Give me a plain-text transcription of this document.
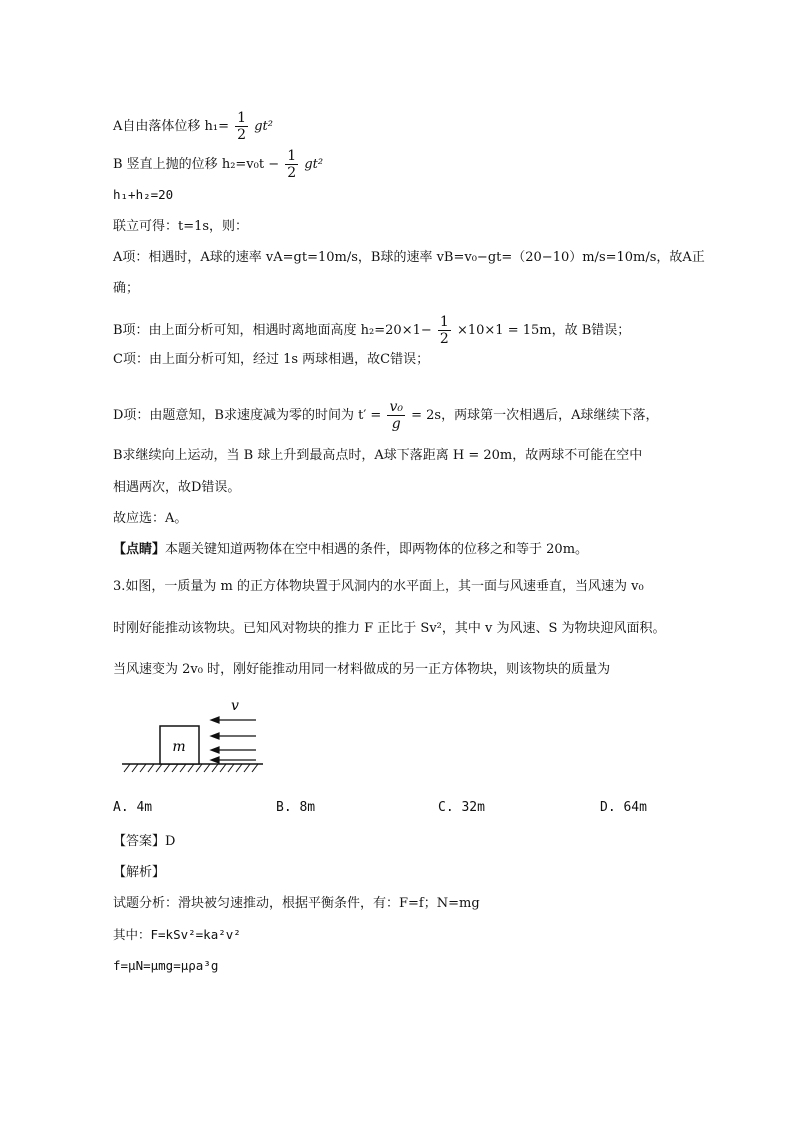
A自由落体位移 $h_1= \frac{1}{2} gt^2$
B 竖直上抛的位移 $h_2=v_0t - \frac{1}{2} gt^2$
h₁+h₂=20
联立可得：t=1s，则：
A项：相遇时，A球的速率 vA=gt=10m/s，B球的速率 vB=v₀−gt=（20−10）m/s=10m/s，故A正
确；
B项：由上面分析可知，相遇时离地面高度 $h_2=20\times 1- \frac{1}{2} \times 10\times 1 = 15m$，故 B错误；
C项：由上面分析可知，经过 1s 两球相遇，故C错误；
D项：由题意知，B求速度减为零的时间为 $t' = \frac{\text{v₀}}{g} = 2s$，两球第一次相遇后，A球继续下落，
B求继续向上运动，当 B 球上升到最高点时，A球下落距离 H = 20m，故两球不可能在空中
相遇两次，故D错误。
故应选：A。
【点睛】本题关键知道两物体在空中相遇的条件，即两物体的位移之和等于 20m。
3.如图，一质量为 m 的正方体物块置于风洞内的水平面上，其一面与风速垂直，当风速为 v₀
时刚好能推动该物块。已知风对物块的推力 F 正比于 Sv²，其中 v 为风速、S 为物块迎风面积。
当风速变为 2v₀ 时，刚好能推动用同一材料做成的另一正方体物块，则该物块的质量为
m
v
A. 4m	B. 8m	C. 32m	D. 64m
【答案】D
【解析】
试题分析：滑块被匀速推动，根据平衡条件，有：F=f；N=mg
其中：F=kSv²=ka²v²
f=μN=μmg=μρa³g
